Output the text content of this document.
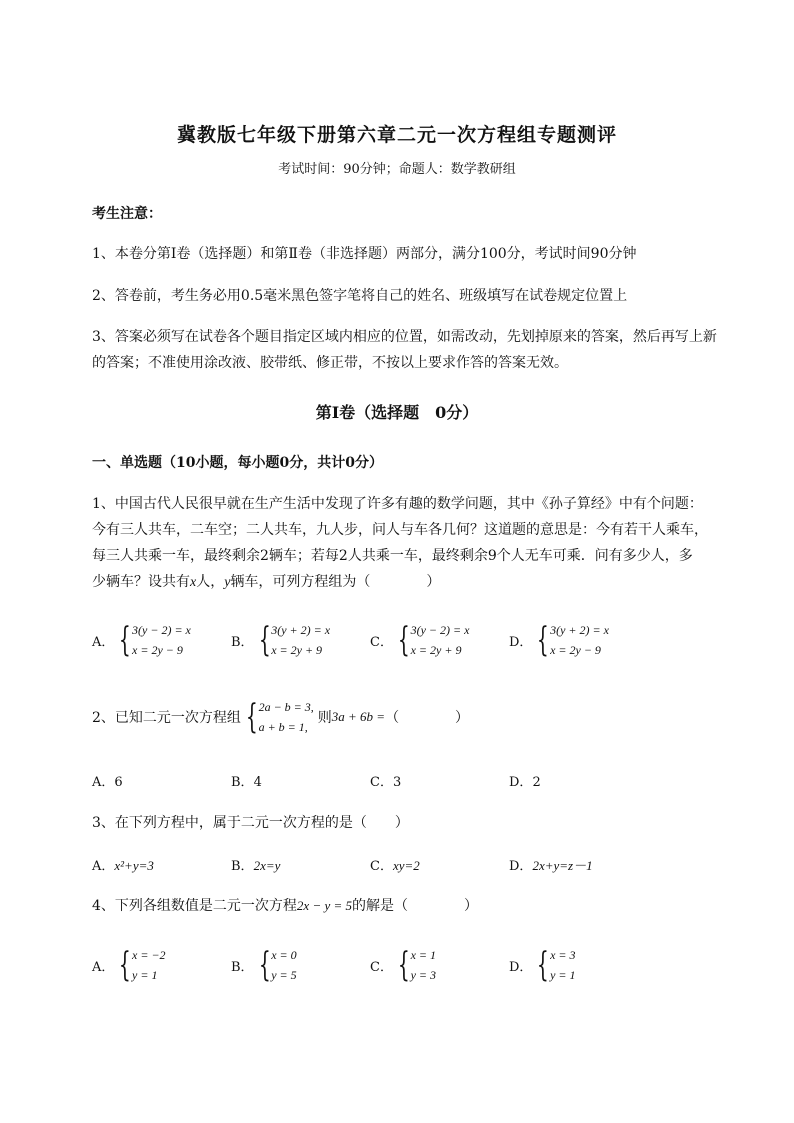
冀教版七年级下册第六章二元一次方程组专题测评
考试时间：90分钟；命题人：数学教研组
考生注意：
1、本卷分第I卷（选择题）和第Ⅱ卷（非选择题）两部分，满分100分，考试时间90分钟
2、答卷前，考生务必用0.5毫米黑色签字笔将自己的姓名、班级填写在试卷规定位置上
3、答案必须写在试卷各个题目指定区域内相应的位置，如需改动，先划掉原来的答案，然后再写上新
的答案；不准使用涂改液、胶带纸、修正带，不按以上要求作答的答案无效。
第I卷（选择题　0分）
一、单选题（10小题，每小题0分，共计0分）
1、中国古代人民很早就在生产生活中发现了许多有趣的数学问题，其中《孙子算经》中有个问题：
今有三人共车，二车空；二人共车，九人步，问人与车各几何？这道题的意思是：今有若干人乘车，
每三人共乘一车，最终剩余2辆车；若每2人共乘一车，最终剩余9个人无车可乘．问有多少人，多
少辆车？设共有x人，y辆车，可列方程组为（　　　　）
A． { 3(y − 2) = x
x = 2y − 9
B． { 3(y + 2) = x
x = 2y + 9
C． { 3(y − 2) = x
x = 2y + 9
D． { 3(y + 2) = x
x = 2y − 9
2、已知二元一次方程组 { 2a − b = 3,
a + b = 1,
则 3a + 6b = （　　　　）
A．6	B．4	C．3	D．2
3、在下列方程中，属于二元一次方程的是（　　）
A．x²+y=3	B．2x=y	C．xy=2	D．2x+y=z－1
4、下列各组数值是二元一次方程2x − y = 5的解是（　　　　）
A． { x = −2
y = 1
B． { x = 0
y = 5
C． { x = 1
y = 3
D． { x = 3
y = 1
